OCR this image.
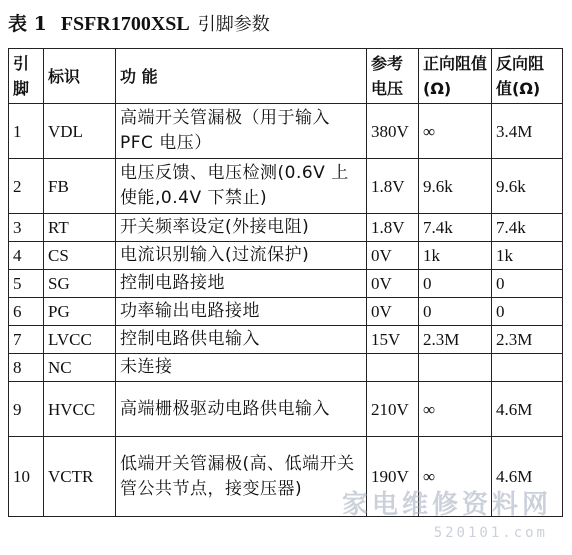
表 1 FSFR1700XSL 引脚参数
引脚	标识	功 能	参考电压	正向阻值(Ω)	反向阻值(Ω)
1	VDL	高端开关管漏极（用于输入 PFC 电压）	380V	∞	3.4M
2	FB	电压反馈、电压检测(0.6V 上使能,0.4V 下禁止)	1.8V	9.6k	9.6k
3	RT	开关频率设定(外接电阻)	1.8V	7.4k	7.4k
4	CS	电流识别输入(过流保护)	0V	1k	1k
5	SG	控制电路接地	0V	0	0
6	PG	功率输出电路接地	0V	0	0
7	LVCC	控制电路供电输入	15V	2.3M	2.3M
8	NC	未连接			
9	HVCC	高端栅极驱动电路供电输入	210V	∞	4.6M
10	VCTR	低端开关管漏极(高、低端开关管公共节点，接变压器)	190V	∞	4.6M
家电维修资料网
520101.com
